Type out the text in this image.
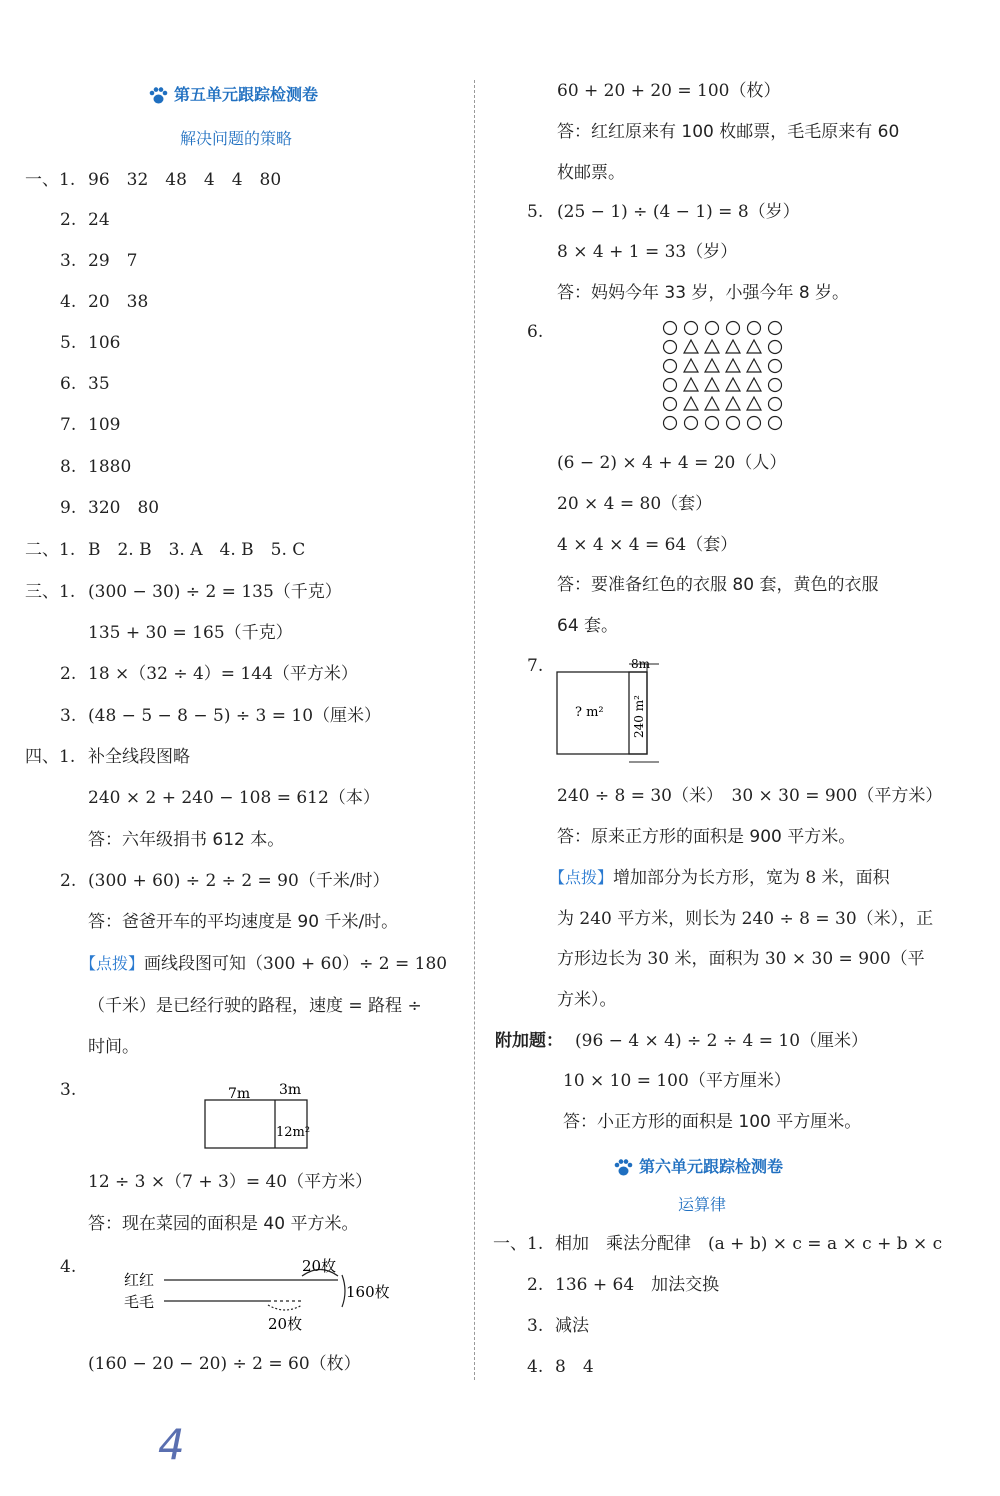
第五单元跟踪检测卷
解决问题的策略
一、1. 96　32　48　4　4　80
2. 24
3. 29　7
4. 20　38
5. 106
6. 35
7. 109
8. 1880
9. 320　80
二、1. B　2. B　3. A　4. B　5. C
三、1. (300 − 30) ÷ 2 = 135（千克）
135 + 30 = 165（千克）
2. 18 ×（32 ÷ 4）= 144（平方米）
3. (48 − 5 − 8 − 5) ÷ 3 = 10（厘米）
四、1. 补全线段图略
240 × 2 + 240 − 108 = 612（本）
答：六年级捐书 612 本。
2. (300 + 60) ÷ 2 ÷ 2 = 90（千米/时）
答：爸爸开车的平均速度是 90 千米/时。
【点拨】画线段图可知（300 + 60）÷ 2 = 180
（千米）是已经行驶的路程，速度 = 路程 ÷
时间。
3.	7m 3m
12m²
12 ÷ 3 ×（7 + 3）= 40（平方米）
答：现在菜园的面积是 40 平方米。
4.
红红
毛毛
20枚
20枚
160枚
(160 − 20 − 20) ÷ 2 = 60（枚）
4
60 + 20 + 20 = 100（枚）
答：红红原来有 100 枚邮票，毛毛原来有 60
枚邮票。
5. (25 − 1) ÷ (4 − 1) = 8（岁）
8 × 4 + 1 = 33（岁）
答：妈妈今年 33 岁，小强今年 8 岁。
6.
(6 − 2) × 4 + 4 = 20（人）
20 × 4 = 80（套）
4 × 4 × 4 = 64（套）
答：要准备红色的衣服 80 套，黄色的衣服
64 套。
7.	8m
? m² 240 m²
240 ÷ 8 = 30（米）　30 × 30 = 900（平方米）
答：原来正方形的面积是 900 平方米。
【点拨】增加部分为长方形，宽为 8 米，面积
为 240 平方米，则长为 240 ÷ 8 = 30（米），正
方形边长为 30 米，面积为 30 × 30 = 900（平
方米）。
附加题： (96 − 4 × 4) ÷ 2 ÷ 4 = 10（厘米）
10 × 10 = 100（平方厘米）
答：小正方形的面积是 100 平方厘米。
第六单元跟踪检测卷
运算律
一、1. 相加　乘法分配律　(a + b) × c = a × c + b × c
2. 136 + 64　加法交换
3. 减法
4. 8　4
